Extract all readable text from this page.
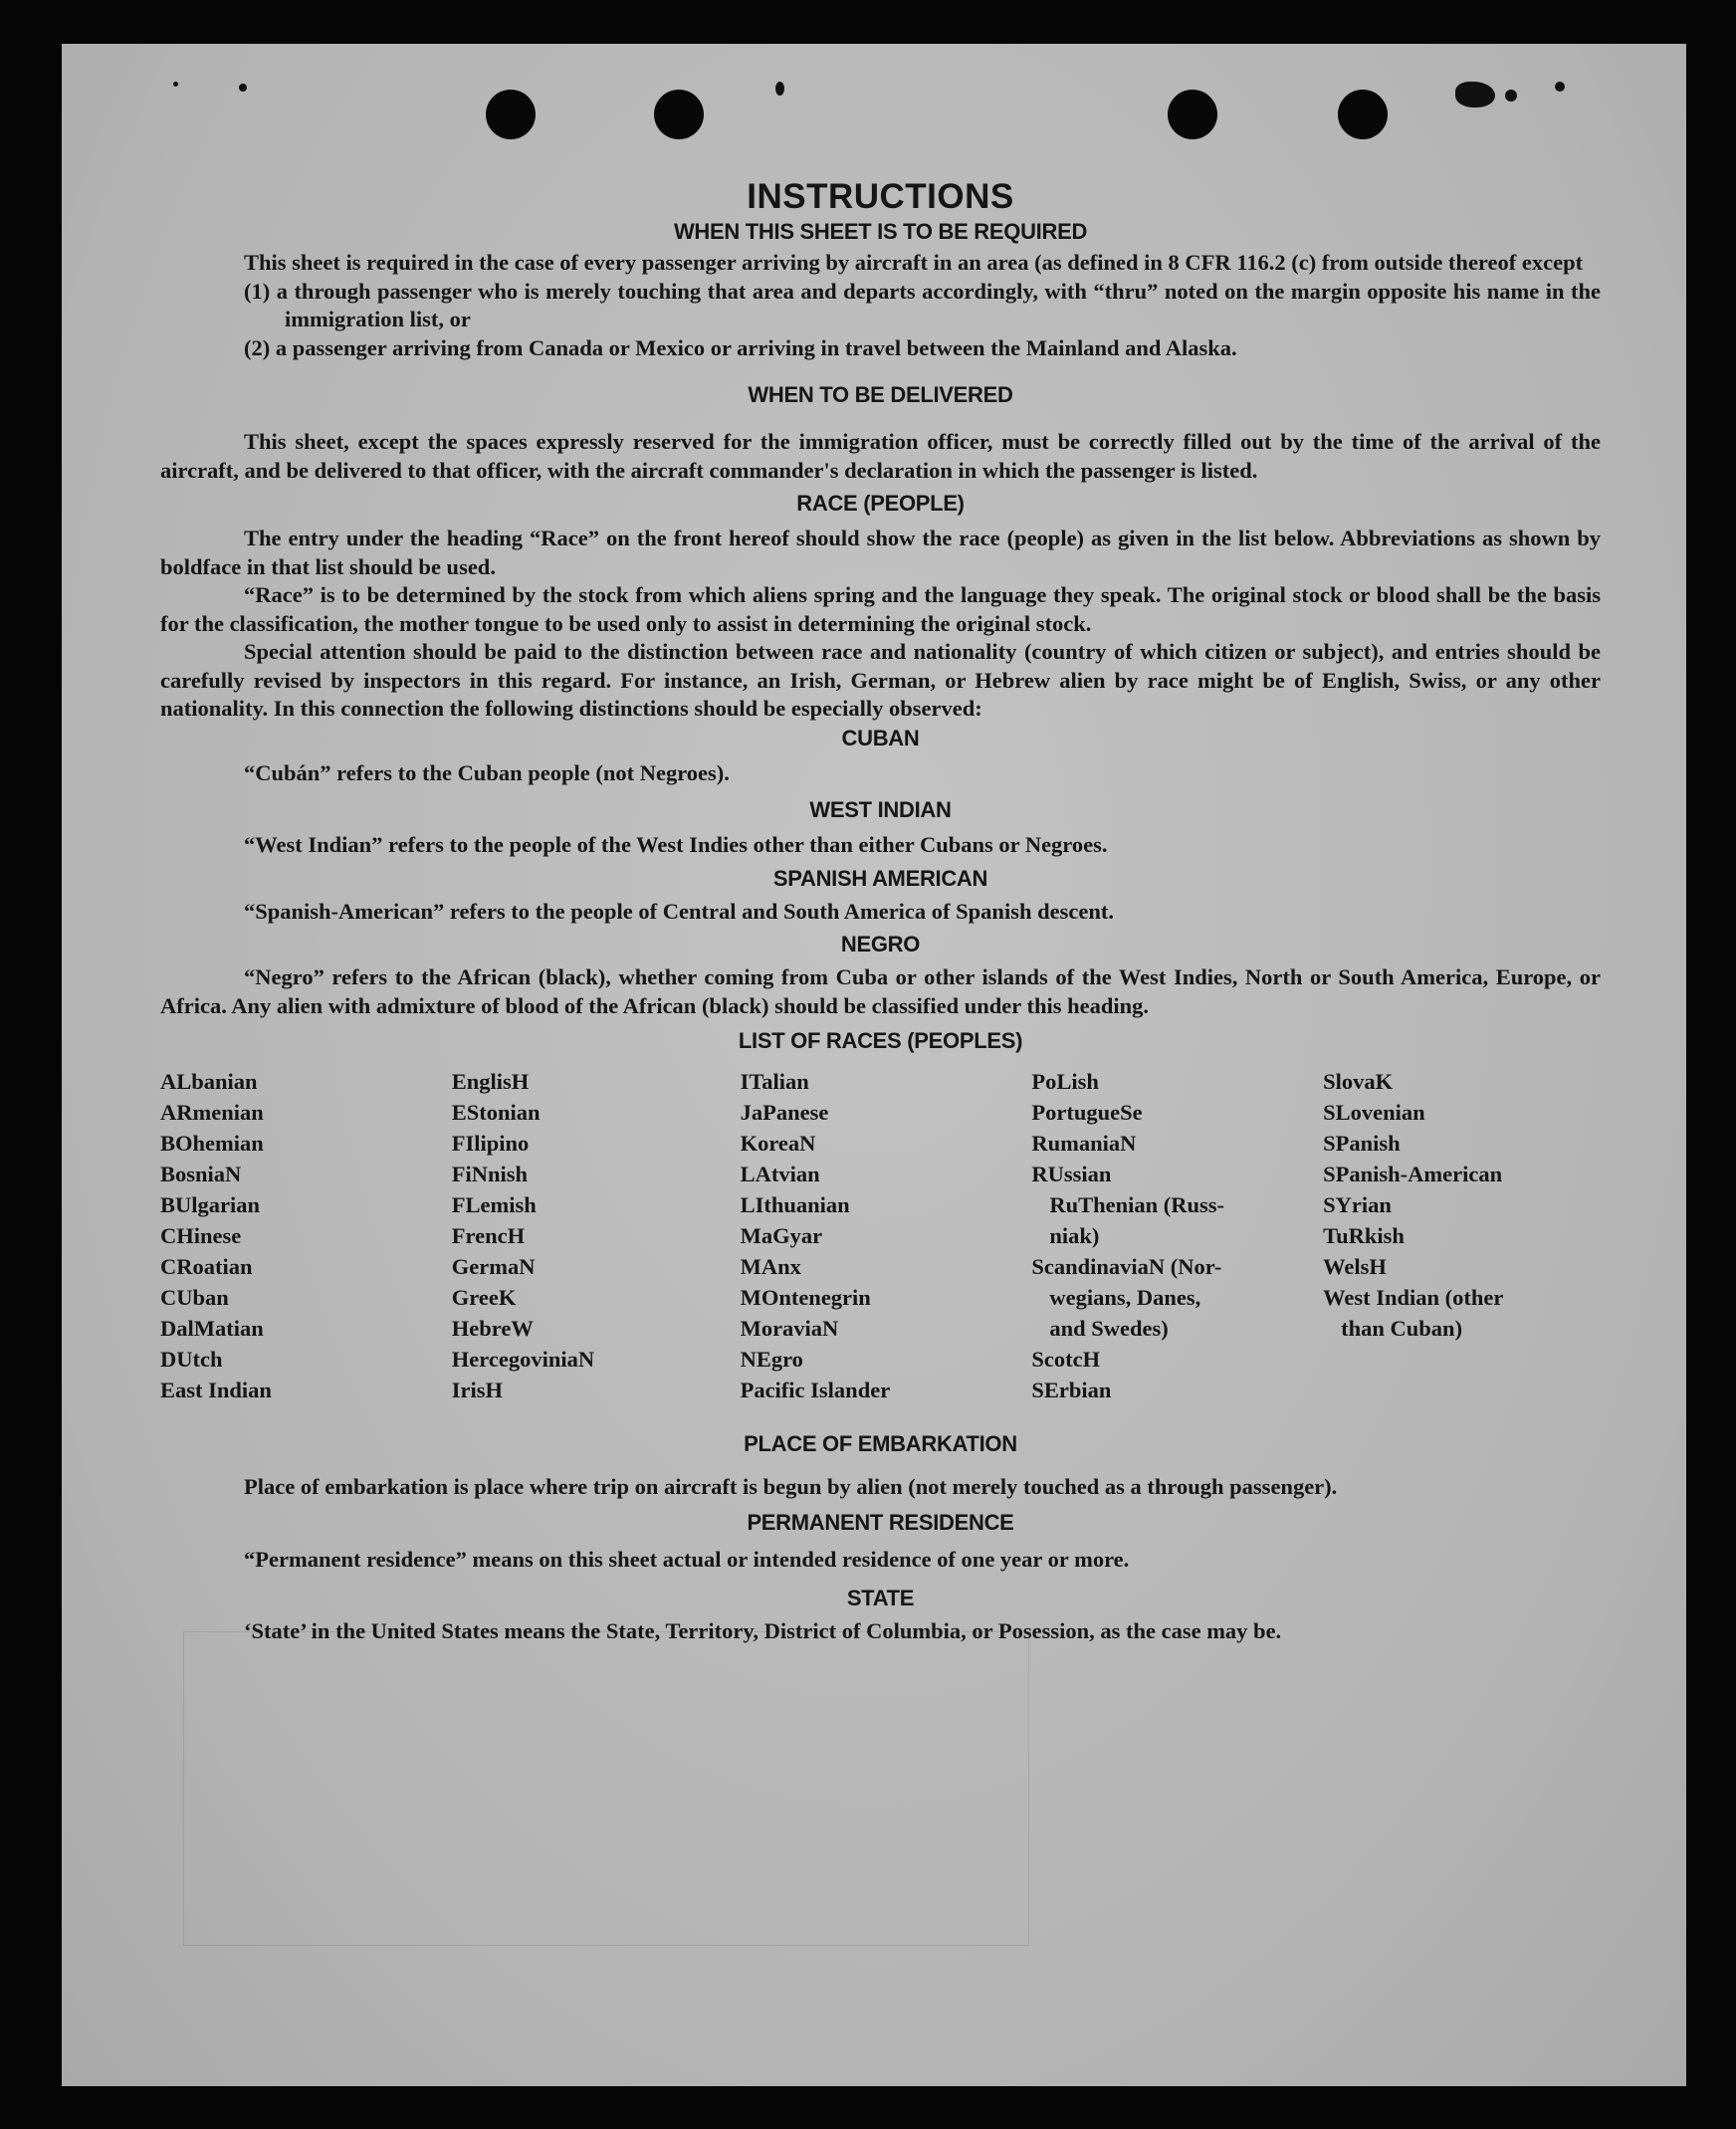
INSTRUCTIONS
WHEN THIS SHEET IS TO BE REQUIRED

This sheet is required in the case of every passenger arriving by aircraft in an area (as defined in 8 CFR 116.2 (c) from outside thereof except

(1) a through passenger who is merely touching that area and departs accordingly, with “thru” noted on the margin opposite his name in the immigration list, or

(2) a passenger arriving from Canada or Mexico or arriving in travel between the Mainland and Alaska.

WHEN TO BE DELIVERED

This sheet, except the spaces expressly reserved for the immigration officer, must be correctly filled out by the time of the arrival of the aircraft, and be delivered to that officer, with the aircraft commander's declaration in which the passenger is listed.

RACE (PEOPLE)

The entry under the heading “Race” on the front hereof should show the race (people) as given in the list below. Abbreviations as shown by boldface in that list should be used.

“Race” is to be determined by the stock from which aliens spring and the language they speak. The original stock or blood shall be the basis for the classification, the mother tongue to be used only to assist in determining the original stock.

Special attention should be paid to the distinction between race and nationality (country of which citizen or subject), and entries should be carefully revised by inspectors in this regard. For instance, an Irish, German, or Hebrew alien by race might be of English, Swiss, or any other nationality. In this connection the following distinctions should be especially observed:

CUBAN

“Cubán” refers to the Cuban people (not Negroes).

WEST INDIAN

“West Indian” refers to the people of the West Indies other than either Cubans or Negroes.

SPANISH AMERICAN

“Spanish-American” refers to the people of Central and South America of Spanish descent.

NEGRO

“Negro” refers to the African (black), whether coming from Cuba or other islands of the West Indies, North or South America, Europe, or Africa. Any alien with admixture of blood of the African (black) should be classified under this heading.

LIST OF RACES (PEOPLES)
ALbanian
ARmenian
BOhemian
BosniaN
BUlgarian
CHinese
CRoatian
CUban
DalMatian
DUtch
East Indian
EnglisH
EStonian
FIlipino
FiNnish
FLemish
FrencH
GermaN
GreeK
HebreW
HercegoviniaN
IrisH
ITalian
JaPanese
KoreaN
LAtvian
LIthuanian
MaGyar
MAnx
MOntenegrin
MoraviaN
NEgro
Pacific Islander
PoLish
PortugueSe
RumaniaN
RUssian
RuThenian (Russ-
niak)
ScandinaviaN (Nor-
wegians, Danes,
and Swedes)
ScotcH
SErbian
SlovaK
SLovenian
SPanish
SPanish-American
SYrian
TuRkish
WelsH
West Indian (other
than Cuban)
PLACE OF EMBARKATION

Place of embarkation is place where trip on aircraft is begun by alien (not merely touched as a through passenger).

PERMANENT RESIDENCE

“Permanent residence” means on this sheet actual or intended residence of one year or more.

STATE

‘State’ in the United States means the State, Territory, District of Columbia, or Posession, as the case may be.
